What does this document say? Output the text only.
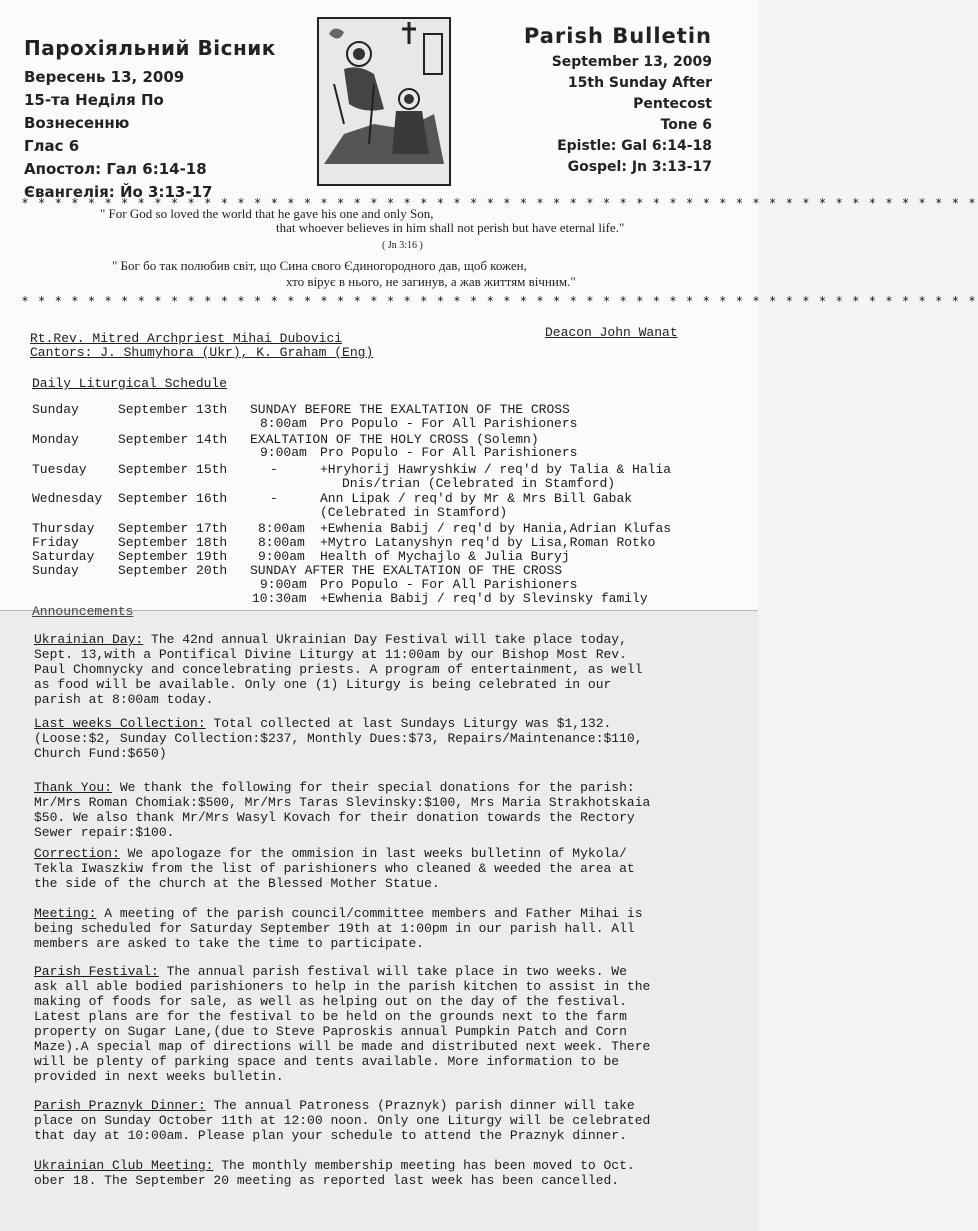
Парохіяльний Вісник
Вересень 13, 2009
15-та Неділя По
Вознесенню
Глас 6
Апостол: Гал 6:14-18
Євангелія: Йо 3:13-17
Parish Bulletin
September 13, 2009
15th Sunday After
Pentecost
Tone 6
Epistle: Gal 6:14-18
Gospel: Jn 3:13-17
* * * * * * * * * * * * * * * * * * * * * * * * * * * * * * * * * * * * * * * * * * * * * * * * * * * * * * * * * *
" For God so loved the world that he gave his one and only Son,
that whoever believes in him shall not perish but have eternal life."
( Jn 3:16 )
" Бог бо так полюбив світ, що Сина свого Єдиногородного дав, щоб кожен,
хто вірує в нього, не загинув, а жав життям вічним."
* * * * * * * * * * * * * * * * * * * * * * * * * * * * * * * * * * * * * * * * * * * * * * * * * * * * * * * * * *
Rt.Rev. Mitred Archpriest Mihai Dubovici	Deacon John Wanat
Cantors: J. Shumyhora (Ukr), K. Graham (Eng)
Daily Liturgical Schedule
Sunday	September 13th SUNDAY BEFORE THE EXALTATION OF THE CROSS
8:00am Pro Populo - For All Parishioners
Monday	September 14th EXALTATION OF THE HOLY CROSS (Solemn)
9:00am Pro Populo - For All Parishioners
Tuesday September 15th	-	+Hryhorij Hawryshkiw / req'd by Talia & Halia
Dnis/trian (Celebrated in Stamford)
Wednesday September 16th	-	Ann Lipak / req'd by Mr & Mrs Bill Gabak
(Celebrated in Stamford)
Thursday September 17th 8:00am +Ewhenia Babij / req'd by Hania,Adrian Klufas
Friday	September 18th 8:00am +Mytro Latanyshyn req'd by Lisa,Roman Rotko
Saturday September 19th 9:00am Health of Mychajlo & Julia Buryj
Sunday	September 20th SUNDAY AFTER THE EXALTATION OF THE CROSS
9:00am Pro Populo - For All Parishioners
10:30am +Ewhenia Babij / req'd by Slevinsky family
Announcements
Ukrainian Day: The 42nd annual Ukrainian Day Festival will take place today,
Sept. 13,with a Pontifical Divine Liturgy at 11:00am by our Bishop Most Rev.
Paul Chomnycky and concelebrating priests. A program of entertainment, as well
as food will be available. Only one (1) Liturgy is being celebrated in our
parish at 8:00am today.
Last weeks Collection: Total collected at last Sundays Liturgy was $1,132.
(Loose:$2, Sunday Collection:$237, Monthly Dues:$73, Repairs/Maintenance:$110,
Church Fund:$650)
Thank You: We thank the following for their special donations for the parish:
Mr/Mrs Roman Chomiak:$500, Mr/Mrs Taras Slevinsky:$100, Mrs Maria Strakhotskaia
$50. We also thank Mr/Mrs Wasyl Kovach for their donation towards the Rectory
Sewer repair:$100.
Correction: We apologaze for the ommision in last weeks bulletinn of Mykola/
Tekla Iwaszkiw from the list of parishioners who cleaned & weeded the area at
the side of the church at the Blessed Mother Statue.
Meeting: A meeting of the parish council/committee members and Father Mihai is
being scheduled for Saturday September 19th at 1:00pm in our parish hall. All
members are asked to take the time to participate.
Parish Festival: The annual parish festival will take place in two weeks. We
ask all able bodied parishioners to help in the parish kitchen to assist in the
making of foods for sale, as well as helping out on the day of the festival.
Latest plans are for the festival to be held on the grounds next to the farm
property on Sugar Lane,(due to Steve Paproskis annual Pumpkin Patch and Corn
Maze).A special map of directions will be made and distributed next week. There
will be plenty of parking space and tents available. More information to be
provided in next weeks bulletin.
Parish Praznyk Dinner: The annual Patroness (Praznyk) parish dinner will take
place on Sunday October 11th at 12:00 noon. Only one Liturgy will be celebrated
that day at 10:00am. Please plan your schedule to attend the Praznyk dinner.
Ukrainian Club Meeting: The monthly membership meeting has been moved to Oct.
ober 18. The September 20 meeting as reported last week has been cancelled.
